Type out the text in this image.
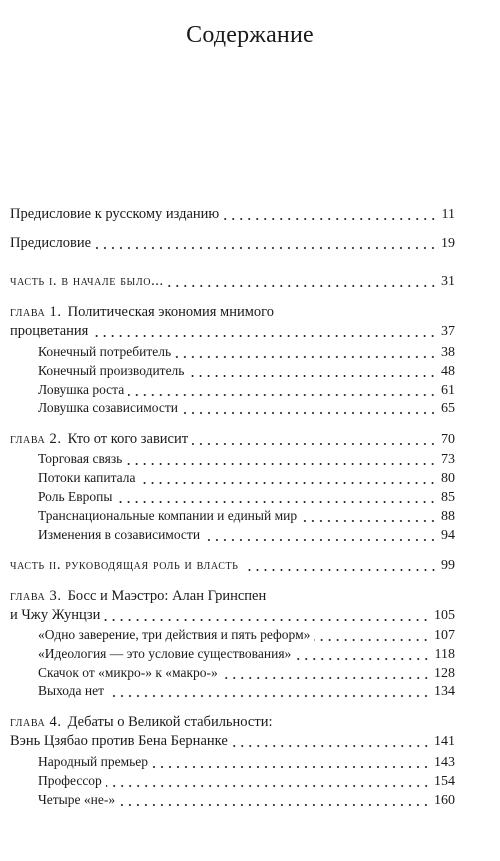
Содержание
Предисловие к русскому изданию	11
Предисловие	19
часть i. в начале было...	31
глава 1. Политическая экономия мнимого
процветания	37
Конечный потребитель	38
Конечный производитель	48
Ловушка роста	61
Ловушка созависимости	65
глава 2. Кто от кого зависит	70
Торговая связь	73
Потоки капитала	80
Роль Европы	85
Транснациональные компании и единый мир	88
Изменения в созависимости	94
часть ii. руководящая роль и власть	99
глава 3. Босс и Маэстро: Алан Гринспен
и Чжу Жунцзи	105
«Одно заверение, три действия и пять реформ»	107
«Идеология — это условие существования»	118
Скачок от «микро-» к «макро-»	128
Выхода нет	134
глава 4. Дебаты о Великой стабильности:
Вэнь Цзябао против Бена Бернанке	141
Народный премьер	143
Профессор	154
Четыре «не-»	160
